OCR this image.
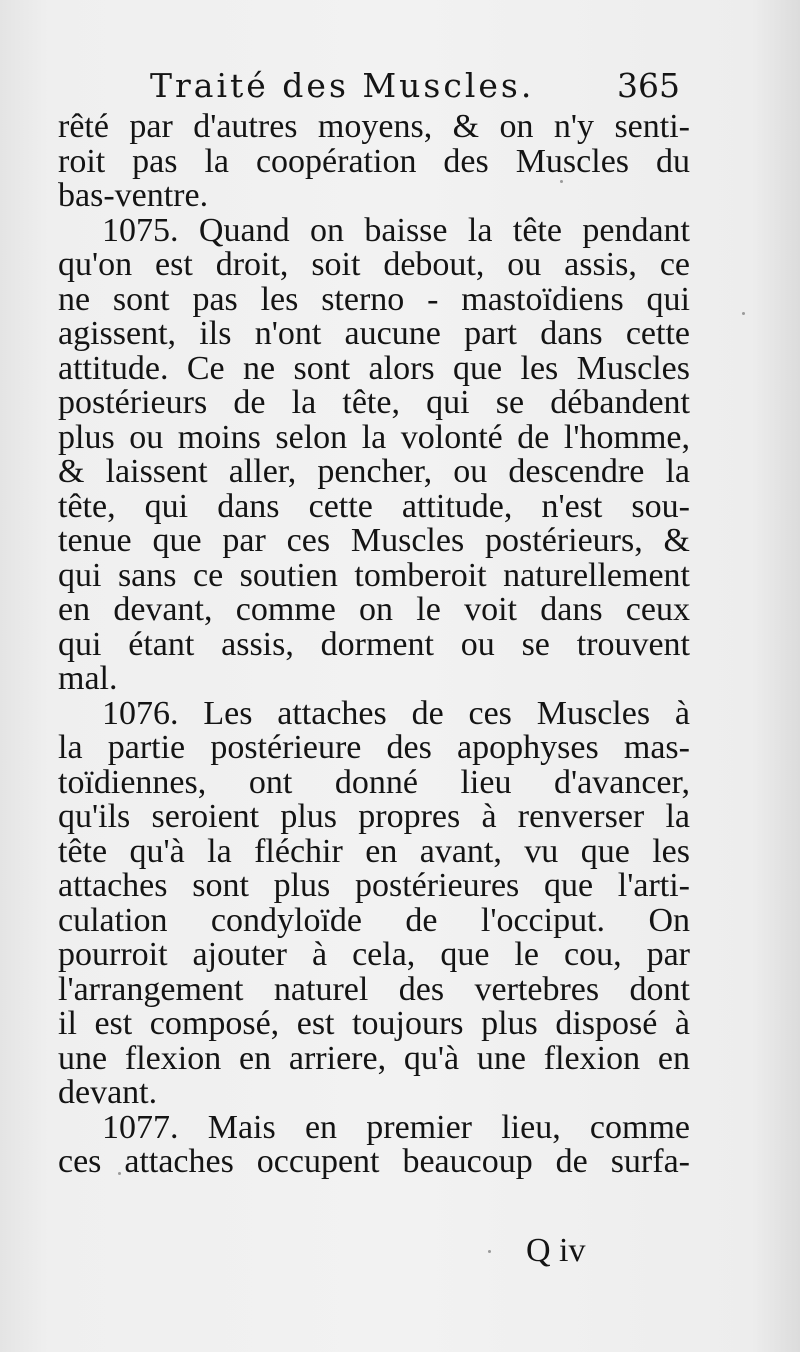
Traité des Muscles.	365
rêté par d'autres moyens, & on n'y senti-
roit pas la coopération des Muscles du
bas-ventre.
1075. Quand on baisse la tête pendant
qu'on est droit, soit debout, ou assis, ce
ne sont pas les sterno - mastoïdiens qui
agissent, ils n'ont aucune part dans cette
attitude. Ce ne sont alors que les Muscles
postérieurs de la tête, qui se débandent
plus ou moins selon la volonté de l'homme,
& laissent aller, pencher, ou descendre la
tête, qui dans cette attitude, n'est sou-
tenue que par ces Muscles postérieurs, &
qui sans ce soutien tomberoit naturellement
en devant, comme on le voit dans ceux
qui étant assis, dorment ou se trouvent
mal.
1076. Les attaches de ces Muscles à
la partie postérieure des apophyses mas-
toïdiennes, ont donné lieu d'avancer,
qu'ils seroient plus propres à renverser la
tête qu'à la fléchir en avant, vu que les
attaches sont plus postérieures que l'arti-
culation condyloïde de l'occiput. On
pourroit ajouter à cela, que le cou, par
l'arrangement naturel des vertebres dont
il est composé, est toujours plus disposé à
une flexion en arriere, qu'à une flexion en
devant.
1077. Mais en premier lieu, comme
ces attaches occupent beaucoup de surfa-
Q iv
